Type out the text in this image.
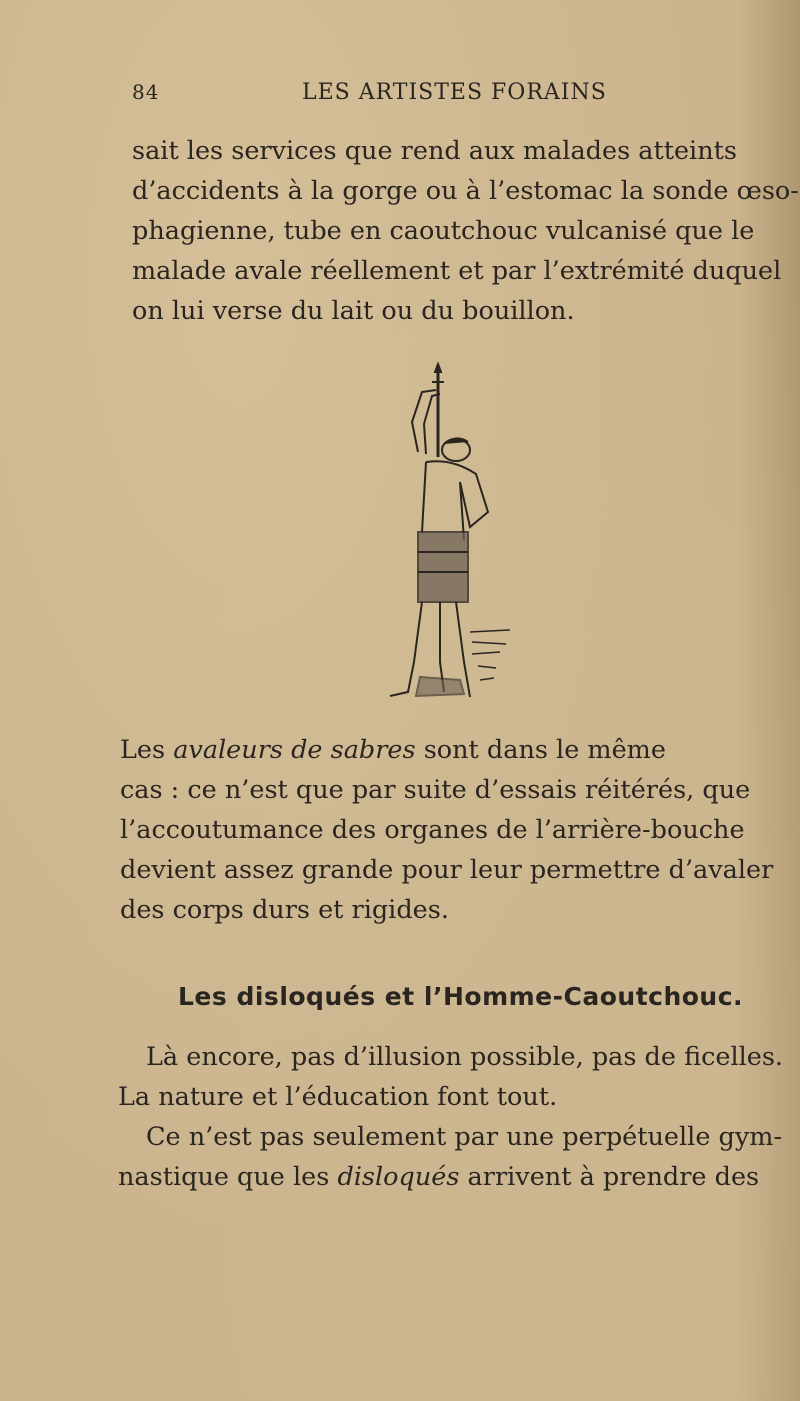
84	LES ARTISTES FORAINS

sait les services que rend aux malades atteints
d’accidents à la gorge ou à l’estomac la sonde œso-
phagienne, tube en caoutchouc vulcanisé que le
malade avale réellement et par l’extrémité duquel
on lui verse du lait ou du bouillon.

Les avaleurs de sabres sont dans le même
cas : ce n’est que par suite d’essais réitérés, que
l’accoutumance des organes de l’arrière-bouche
devient assez grande pour leur permettre d’avaler
des corps durs et rigides.

Les disloqués et l’Homme-Caoutchouc.

Là encore, pas d’illusion possible, pas de ficelles.
La nature et l’éducation font tout.
Ce n’est pas seulement par une perpétuelle gym-
nastique que les disloqués arrivent à prendre des
